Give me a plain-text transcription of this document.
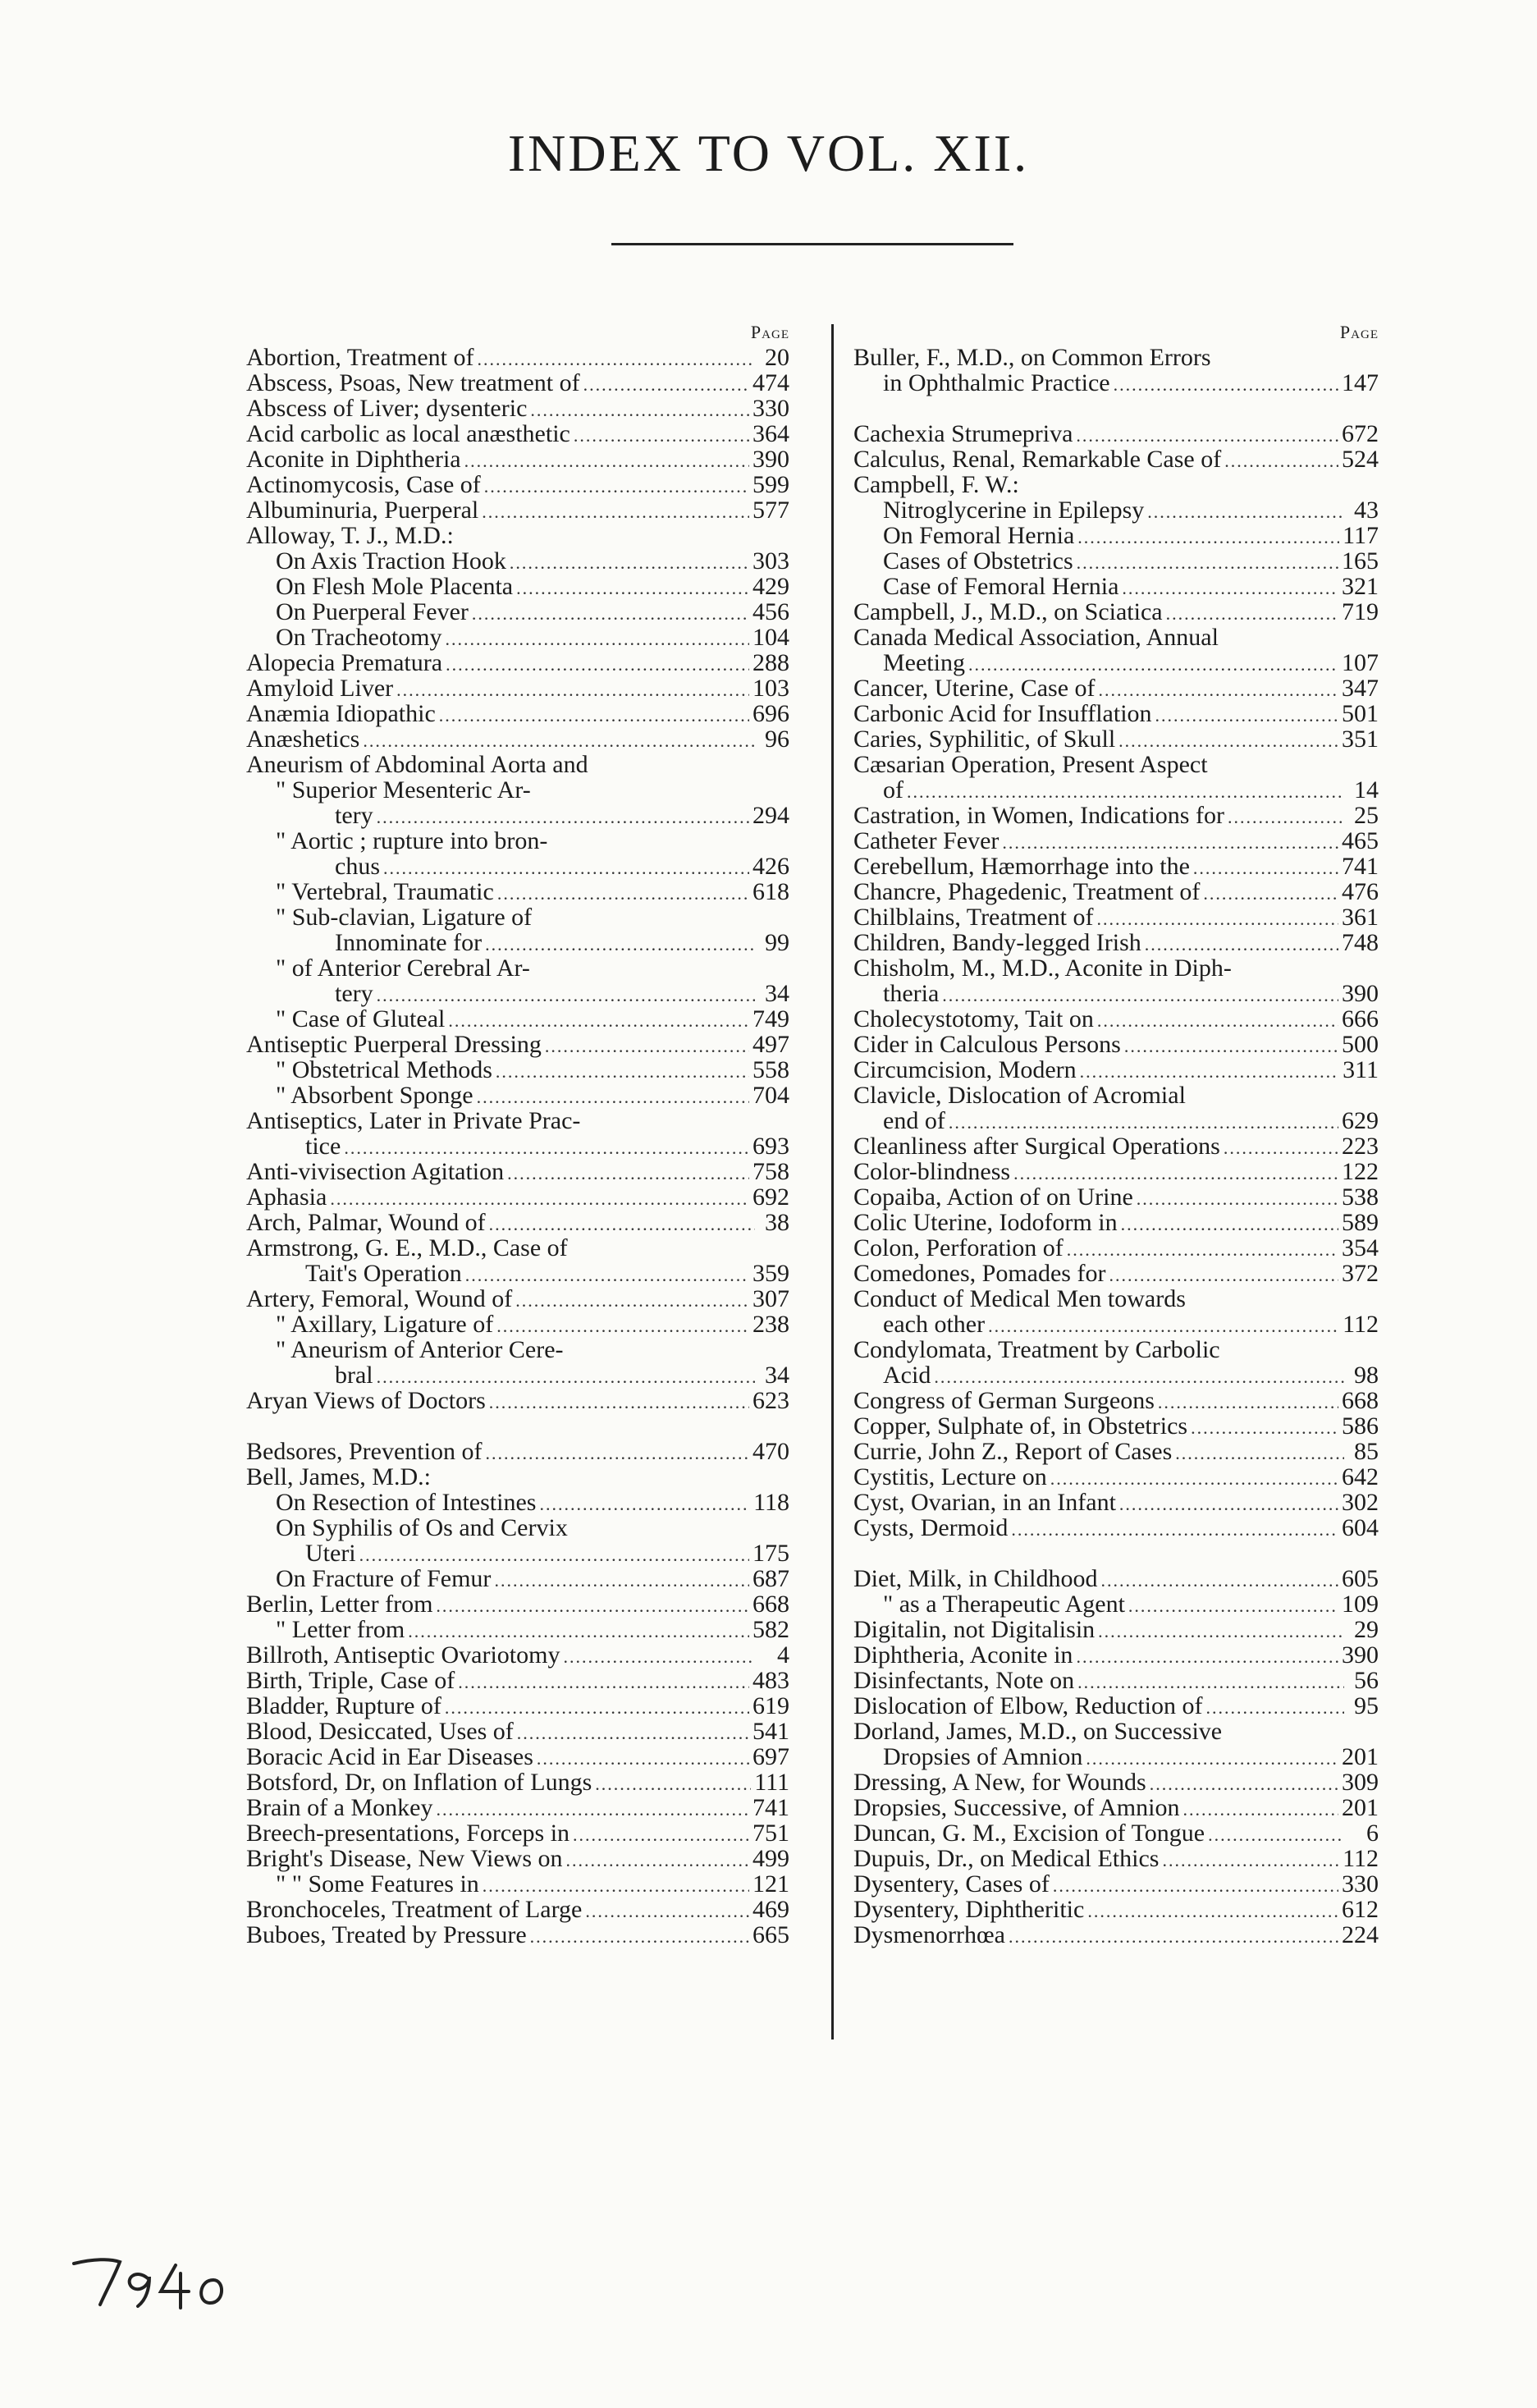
INDEX TO VOL. XII.
Page
Abortion, Treatment of .....	20
Abscess, Psoas, New treatment of .....	474
Abscess of Liver; dysenteric .....	330
Acid carbolic as local anæsthetic .....	364
Aconite in Diphtheria .....	390
Actinomycosis, Case of .....	599
Albuminuria, Puerperal .....	577
Alloway, T. J., M.D.:
On Axis Traction Hook .....	303
On Flesh Mole Placenta .....	429
On Puerperal Fever .....	456
On Tracheotomy .....	104
Alopecia Prematura .....	288
Amyloid Liver .....	103
Anæmia Idiopathic .....	696
Anæshetics .....	96
Aneurism of Abdominal Aorta and
" Superior Mesenteric Ar-
tery .....	294
" Aortic ; rupture into bron-
chus .....	426
" Vertebral, Traumatic .....	618
" Sub-clavian, Ligature of
Innominate for .....	99
" of Anterior Cerebral Ar-
tery .....	34
" Case of Gluteal .....	749
Antiseptic Puerperal Dressing .....	497
" Obstetrical Methods .....	558
" Absorbent Sponge .....	704
Antiseptics, Later in Private Prac-
tice .....	693
Anti-vivisection Agitation .....	758
Aphasia .....	692
Arch, Palmar, Wound of .....	38
Armstrong, G. E., M.D., Case of
Tait's Operation .....	359
Artery, Femoral, Wound of .....	307
" Axillary, Ligature of .....	238
" Aneurism of Anterior Cere-
bral .....	34
Aryan Views of Doctors .....	623
Bedsores, Prevention of .....	470
Bell, James, M.D.:
On Resection of Intestines .....	118
On Syphilis of Os and Cervix
Uteri .....	175
On Fracture of Femur .....	687
Berlin, Letter from .....	668
" Letter from .....	582
Billroth, Antiseptic Ovariotomy .....	4
Birth, Triple, Case of .....	483
Bladder, Rupture of .....	619
Blood, Desiccated, Uses of .....	541
Boracic Acid in Ear Diseases .....	697
Botsford, Dr, on Inflation of Lungs .....	111
Brain of a Monkey .....	741
Breech-presentations, Forceps in .....	751
Bright's Disease, New Views on .....	499
" " Some Features in .....	121
Bronchoceles, Treatment of Large .....	469
Buboes, Treated by Pressure .....	665
Page
Buller, F., M.D., on Common Errors
in Ophthalmic Practice .....	147
Cachexia Strumepriva .....	672
Calculus, Renal, Remarkable Case of .....	524
Campbell, F. W.:
Nitroglycerine in Epilepsy .....	43
On Femoral Hernia .....	117
Cases of Obstetrics .....	165
Case of Femoral Hernia .....	321
Campbell, J., M.D., on Sciatica .....	719
Canada Medical Association, Annual
Meeting .....	107
Cancer, Uterine, Case of .....	347
Carbonic Acid for Insufflation .....	501
Caries, Syphilitic, of Skull .....	351
Cæsarian Operation, Present Aspect
of .....	14
Castration, in Women, Indications for .....	25
Catheter Fever .....	465
Cerebellum, Hæmorrhage into the .....	741
Chancre, Phagedenic, Treatment of .....	476
Chilblains, Treatment of .....	361
Children, Bandy-legged Irish .....	748
Chisholm, M., M.D., Aconite in Diph-
theria .....	390
Cholecystotomy, Tait on .....	666
Cider in Calculous Persons .....	500
Circumcision, Modern .....	311
Clavicle, Dislocation of Acromial
end of .....	629
Cleanliness after Surgical Operations .....	223
Color-blindness .....	122
Copaiba, Action of on Urine .....	538
Colic Uterine, Iodoform in .....	589
Colon, Perforation of .....	354
Comedones, Pomades for .....	372
Conduct of Medical Men towards
each other .....	112
Condylomata, Treatment by Carbolic
Acid .....	98
Congress of German Surgeons .....	668
Copper, Sulphate of, in Obstetrics .....	586
Currie, John Z., Report of Cases .....	85
Cystitis, Lecture on .....	642
Cyst, Ovarian, in an Infant .....	302
Cysts, Dermoid .....	604
Diet, Milk, in Childhood .....	605
" as a Therapeutic Agent .....	109
Digitalin, not Digitalisin .....	29
Diphtheria, Aconite in .....	390
Disinfectants, Note on .....	56
Dislocation of Elbow, Reduction of .....	95
Dorland, James, M.D., on Successive
Dropsies of Amnion .....	201
Dressing, A New, for Wounds .....	309
Dropsies, Successive, of Amnion .....	201
Duncan, G. M., Excision of Tongue .....	6
Dupuis, Dr., on Medical Ethics .....	112
Dysentery, Cases of .....	330
Dysentery, Diphtheritic .....	612
Dysmenorrhœa .....	224
